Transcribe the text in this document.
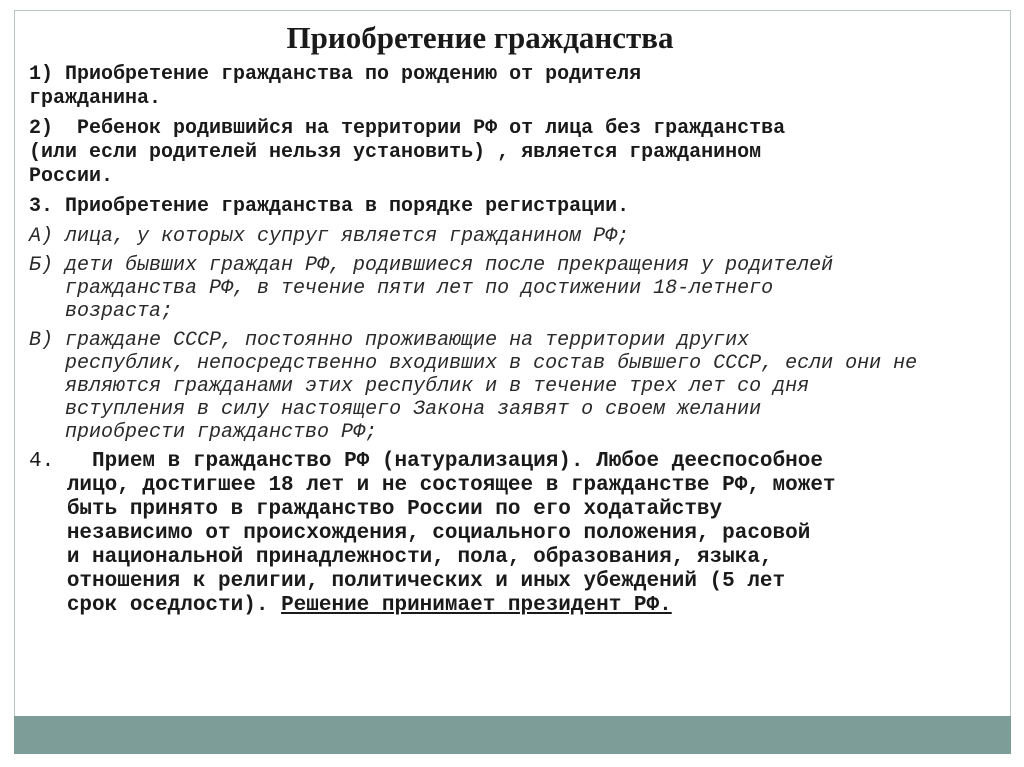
Приобретение гражданства

1) Приобретение гражданства по рождению от родителя
гражданина.

2)  Ребенок родившийся на территории РФ от лица без гражданства
(или если родителей нельзя установить) , является гражданином
России.

3. Приобретение гражданства в порядке регистрации.

А) лица, у которых супруг является гражданином РФ;

Б) дети бывших граждан РФ, родившиеся после прекращения у родителей
гражданства РФ, в течение пяти лет по достижении 18-летнего
возраста;

В) граждане СССР, постоянно проживающие на территории других
республик, непосредственно входивших в состав бывшего СССР, если они не
являются гражданами этих республик и в течение трех лет со дня
вступления в силу настоящего Закона заявят о своем желании
приобрести гражданство РФ;

4.   Прием в гражданство РФ (натурализация). Любое дееспособное
лицо, достигшее 18 лет и не состоящее в гражданстве РФ, может
быть принято в гражданство России по его ходатайству
независимо от происхождения, социального положения, расовой
и национальной принадлежности, пола, образования, языка,
отношения к религии, политических и иных убеждений (5 лет
срок оседлости). Решение принимает президент РФ.
